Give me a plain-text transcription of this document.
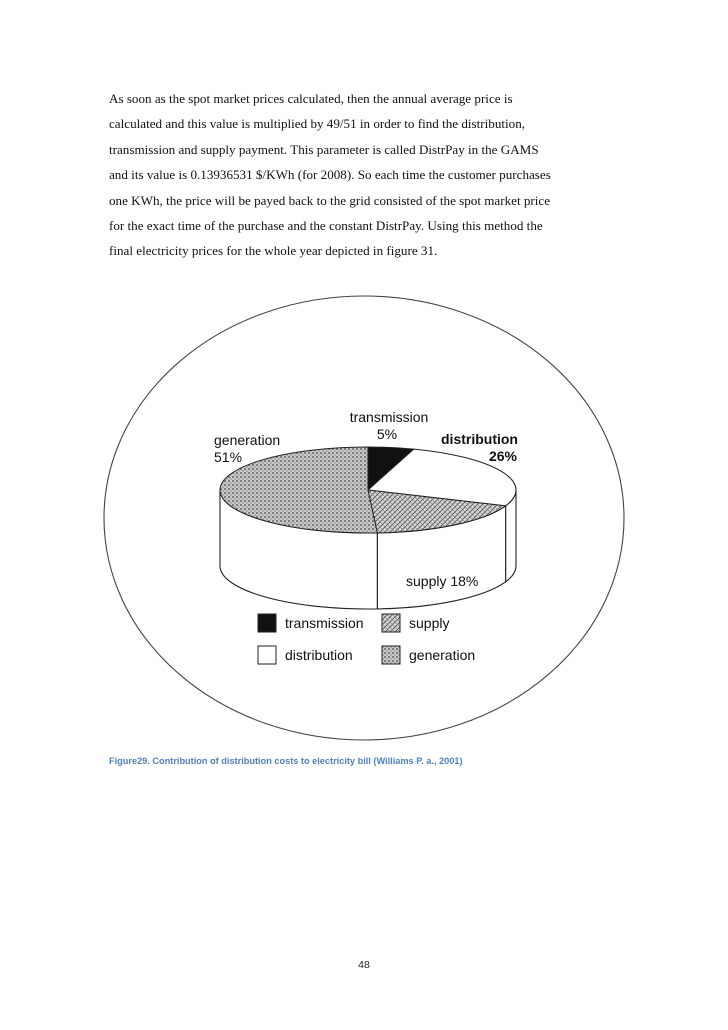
As soon as the spot market prices calculated, then the annual average price is
calculated and this value is multiplied by 49/51 in order to find the distribution,
transmission and supply payment. This parameter is called DistrPay in the GAMS
and its value is 0.13936531 $/KWh (for 2008). So each time the customer purchases
one KWh, the price will be payed back to the grid consisted of the spot market price
for the exact time of the purchase and the constant DistrPay. Using this method the
final electricity prices for the whole year depicted in figure 31.
generation
51%
transmission
5%	distribution
26%
supply 18%
transmission	supply
distribution	generation

Figure29. Contribution of distribution costs to electricity bill (Williams P. a., 2001)

48
